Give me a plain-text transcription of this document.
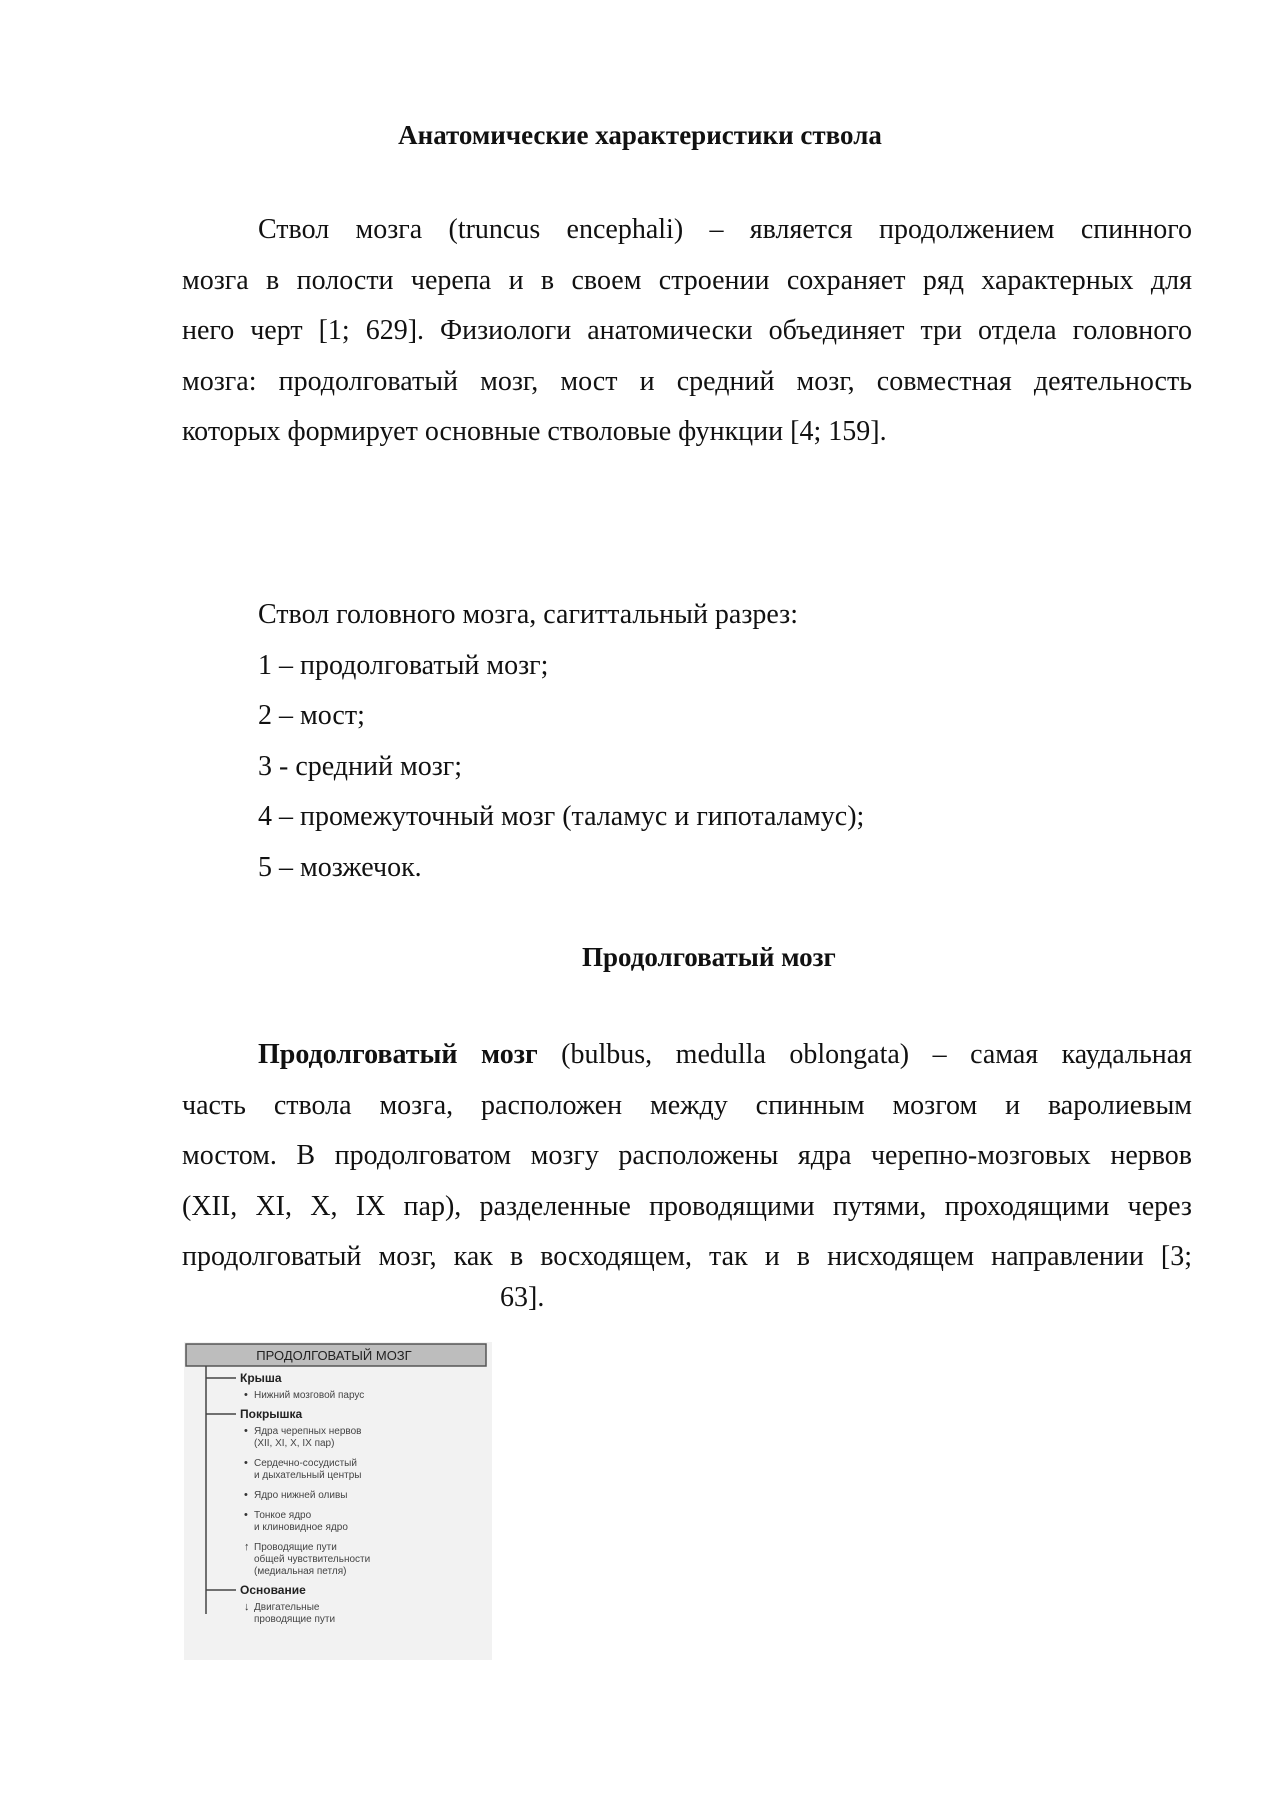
Анатомические характеристики ствола
Ствол мозга (truncus encephali) – является продолжением спинного
мозга в полости черепа и в своем строении сохраняет ряд характерных для
него черт [1; 629]. Физиологи анатомически объединяет три отдела головного
мозга: продолговатый мозг, мост и средний мозг, совместная деятельность
которых формирует основные стволовые функции [4; 159].
Ствол головного мозга, сагиттальный разрез:
1 – продолговатый мозг;
2 – мост;
3 - средний мозг;
4 – промежуточный мозг (таламус и гипоталамус);
5 – мозжечок.
Продолговатый мозг
Продолговатый мозг (bulbus, medulla oblongata) – самая каудальная
часть ствола мозга, расположен между спинным мозгом и варолиевым
мостом. В продолговатом мозгу расположены ядра черепно-мозговых нервов
(XII, XI, X, IX пар), разделенные проводящими путями, проходящими через
продолговатый мозг, как в восходящем, так и в нисходящем направлении [3;
63].
ПРОДОЛГОВАТЫЙ МОЗГ
Крыша
• Нижний мозговой парус
Покрышка
• Ядра черепных нервов
(XII, XI, X, IX пар)
• Сердечно-сосудистый
и дыхательный центры
• Ядро нижней оливы
• Тонкое ядро
и клиновидное ядро
↑ Проводящие пути
общей чувствительности
(медиальная петля)
Основание
↓ Двигательные
проводящие пути
